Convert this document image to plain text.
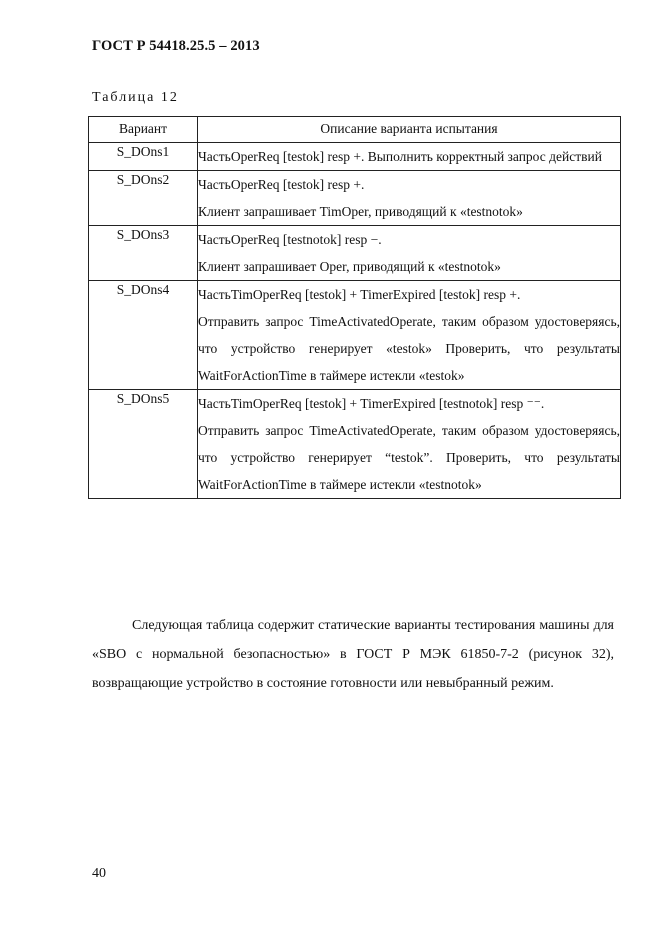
ГОСТ Р 54418.25.5 – 2013
Таблица 12
Вариант	Описание варианта испытания
S_DOns1	ЧастьOperReq [testok] resp +. Выполнить корректный запрос действий

S_DOns2	ЧастьOperReq [testok] resp +.
Клиент запрашивает TimOper, приводящий к «testnotok»

S_DOns3	ЧастьOperReq [testnotok] resp −.
Клиент запрашивает Oper, приводящий к «testnotok»

S_DOns4	ЧастьTimOperReq [testok] + TimerExpired [testok] resp +.
Отправить запрос TimeActivatedOperate, таким образом удостоверяясь, что устройство генерирует «testok» Проверить, что результаты WaitForActionTime в таймере истекли «testok»

S_DOns5	ЧастьTimOperReq [testok] + TimerExpired [testnotok] resp ⁻⁻.
Отправить запрос TimeActivatedOperate, таким образом удостоверяясь, что устройство генерирует “testok”. Проверить, что результаты WaitForActionTime в таймере истекли «testnotok»

Следующая таблица содержит статические варианты тестирования машины для «SBO с нормальной безопасностью» в ГОСТ Р МЭК 61850-7-2 (рисунок 32), возвращающие устройство в состояние готовности или невыбранный режим.

40
